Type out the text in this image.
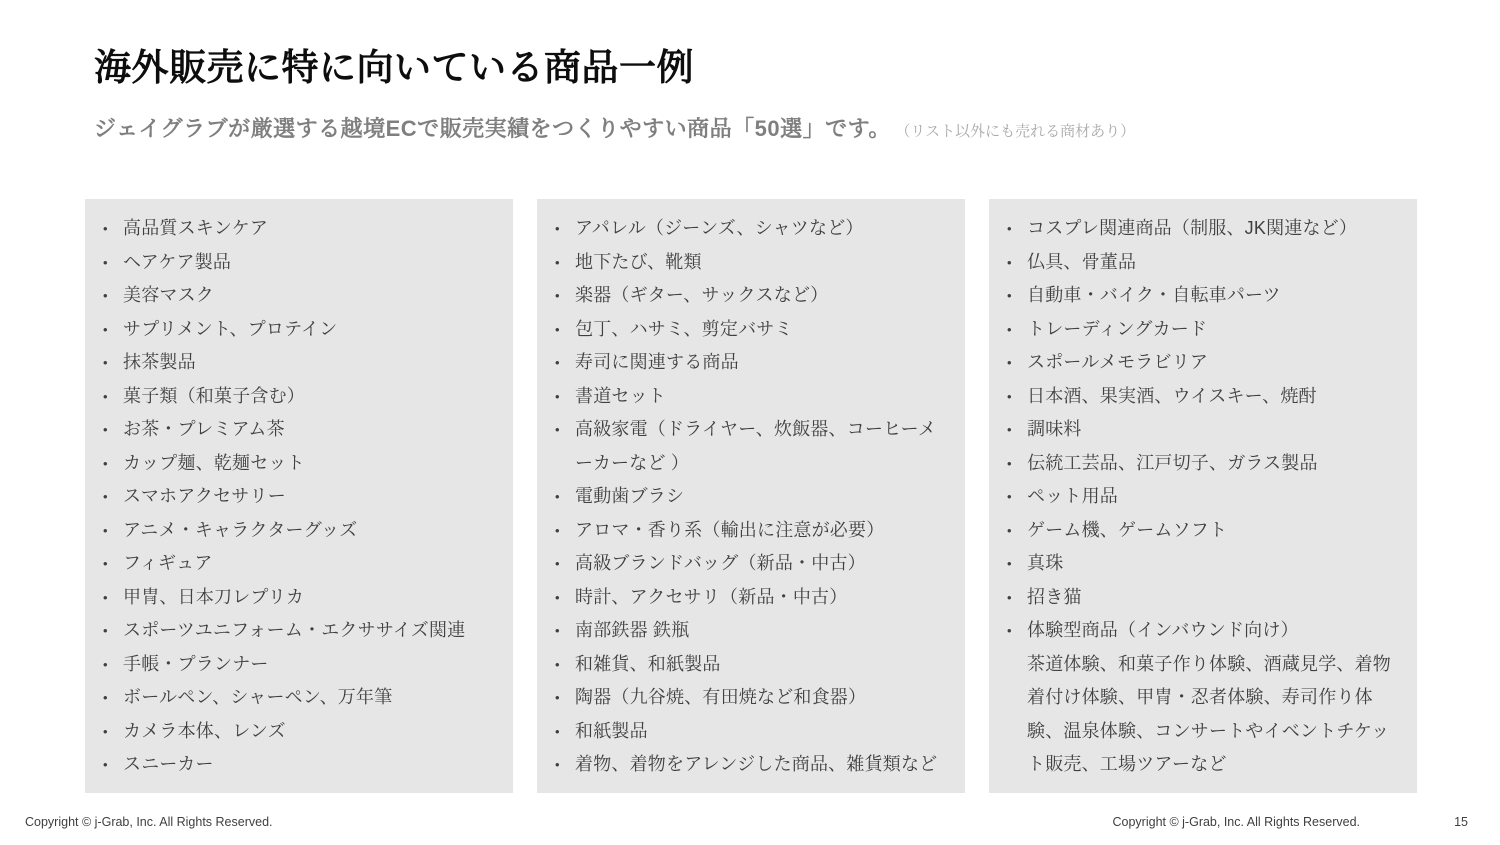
海外販売に特に向いている商品一例
ジェイグラブが厳選する越境ECで販売実績をつくりやすい商品「50選」です。 （リスト以外にも売れる商材あり）
• 高品質スキンケア
• ヘアケア製品
• 美容マスク
• サプリメント、プロテイン
• 抹茶製品
• 菓子類（和菓子含む）
• お茶・プレミアム茶
• カップ麺、乾麺セット
• スマホアクセサリー
• アニメ・キャラクターグッズ
• フィギュア
• 甲冑、日本刀レプリカ
• スポーツユニフォーム・エクササイズ関連
• 手帳・プランナー
• ボールペン、シャーペン、万年筆
• カメラ本体、レンズ
• スニーカー
• アパレル（ジーンズ、シャツなど）
• 地下たび、靴類
• 楽器（ギター、サックスなど）
• 包丁、ハサミ、剪定バサミ
• 寿司に関連する商品
• 書道セット
• 高級家電（ドライヤー、炊飯器、コーヒーメーカーなど ）
• 電動歯ブラシ
• アロマ・香り系（輸出に注意が必要）
• 高級ブランドバッグ（新品・中古）
• 時計、アクセサリ（新品・中古）
• 南部鉄器 鉄瓶
• 和雑貨、和紙製品
• 陶器（九谷焼、有田焼など和食器）
• 和紙製品
• 着物、着物をアレンジした商品、雑貨類など
• コスプレ関連商品（制服、JK関連など）
• 仏具、骨董品
• 自動車・バイク・自転車パーツ
• トレーディングカード
• スポールメモラビリア
• 日本酒、果実酒、ウイスキー、焼酎
• 調味料
• 伝統工芸品、江戸切子、ガラス製品
• ペット用品
• ゲーム機、ゲームソフト
• 真珠
• 招き猫
• 体験型商品（インバウンド向け）
茶道体験、和菓子作り体験、酒蔵見学、着物着付け体験、甲冑・忍者体験、寿司作り体験、温泉体験、コンサートやイベントチケット販売、工場ツアーなど
Copyright © j-Grab, Inc. All Rights Reserved.	Copyright © j-Grab, Inc. All Rights Reserved.	15
